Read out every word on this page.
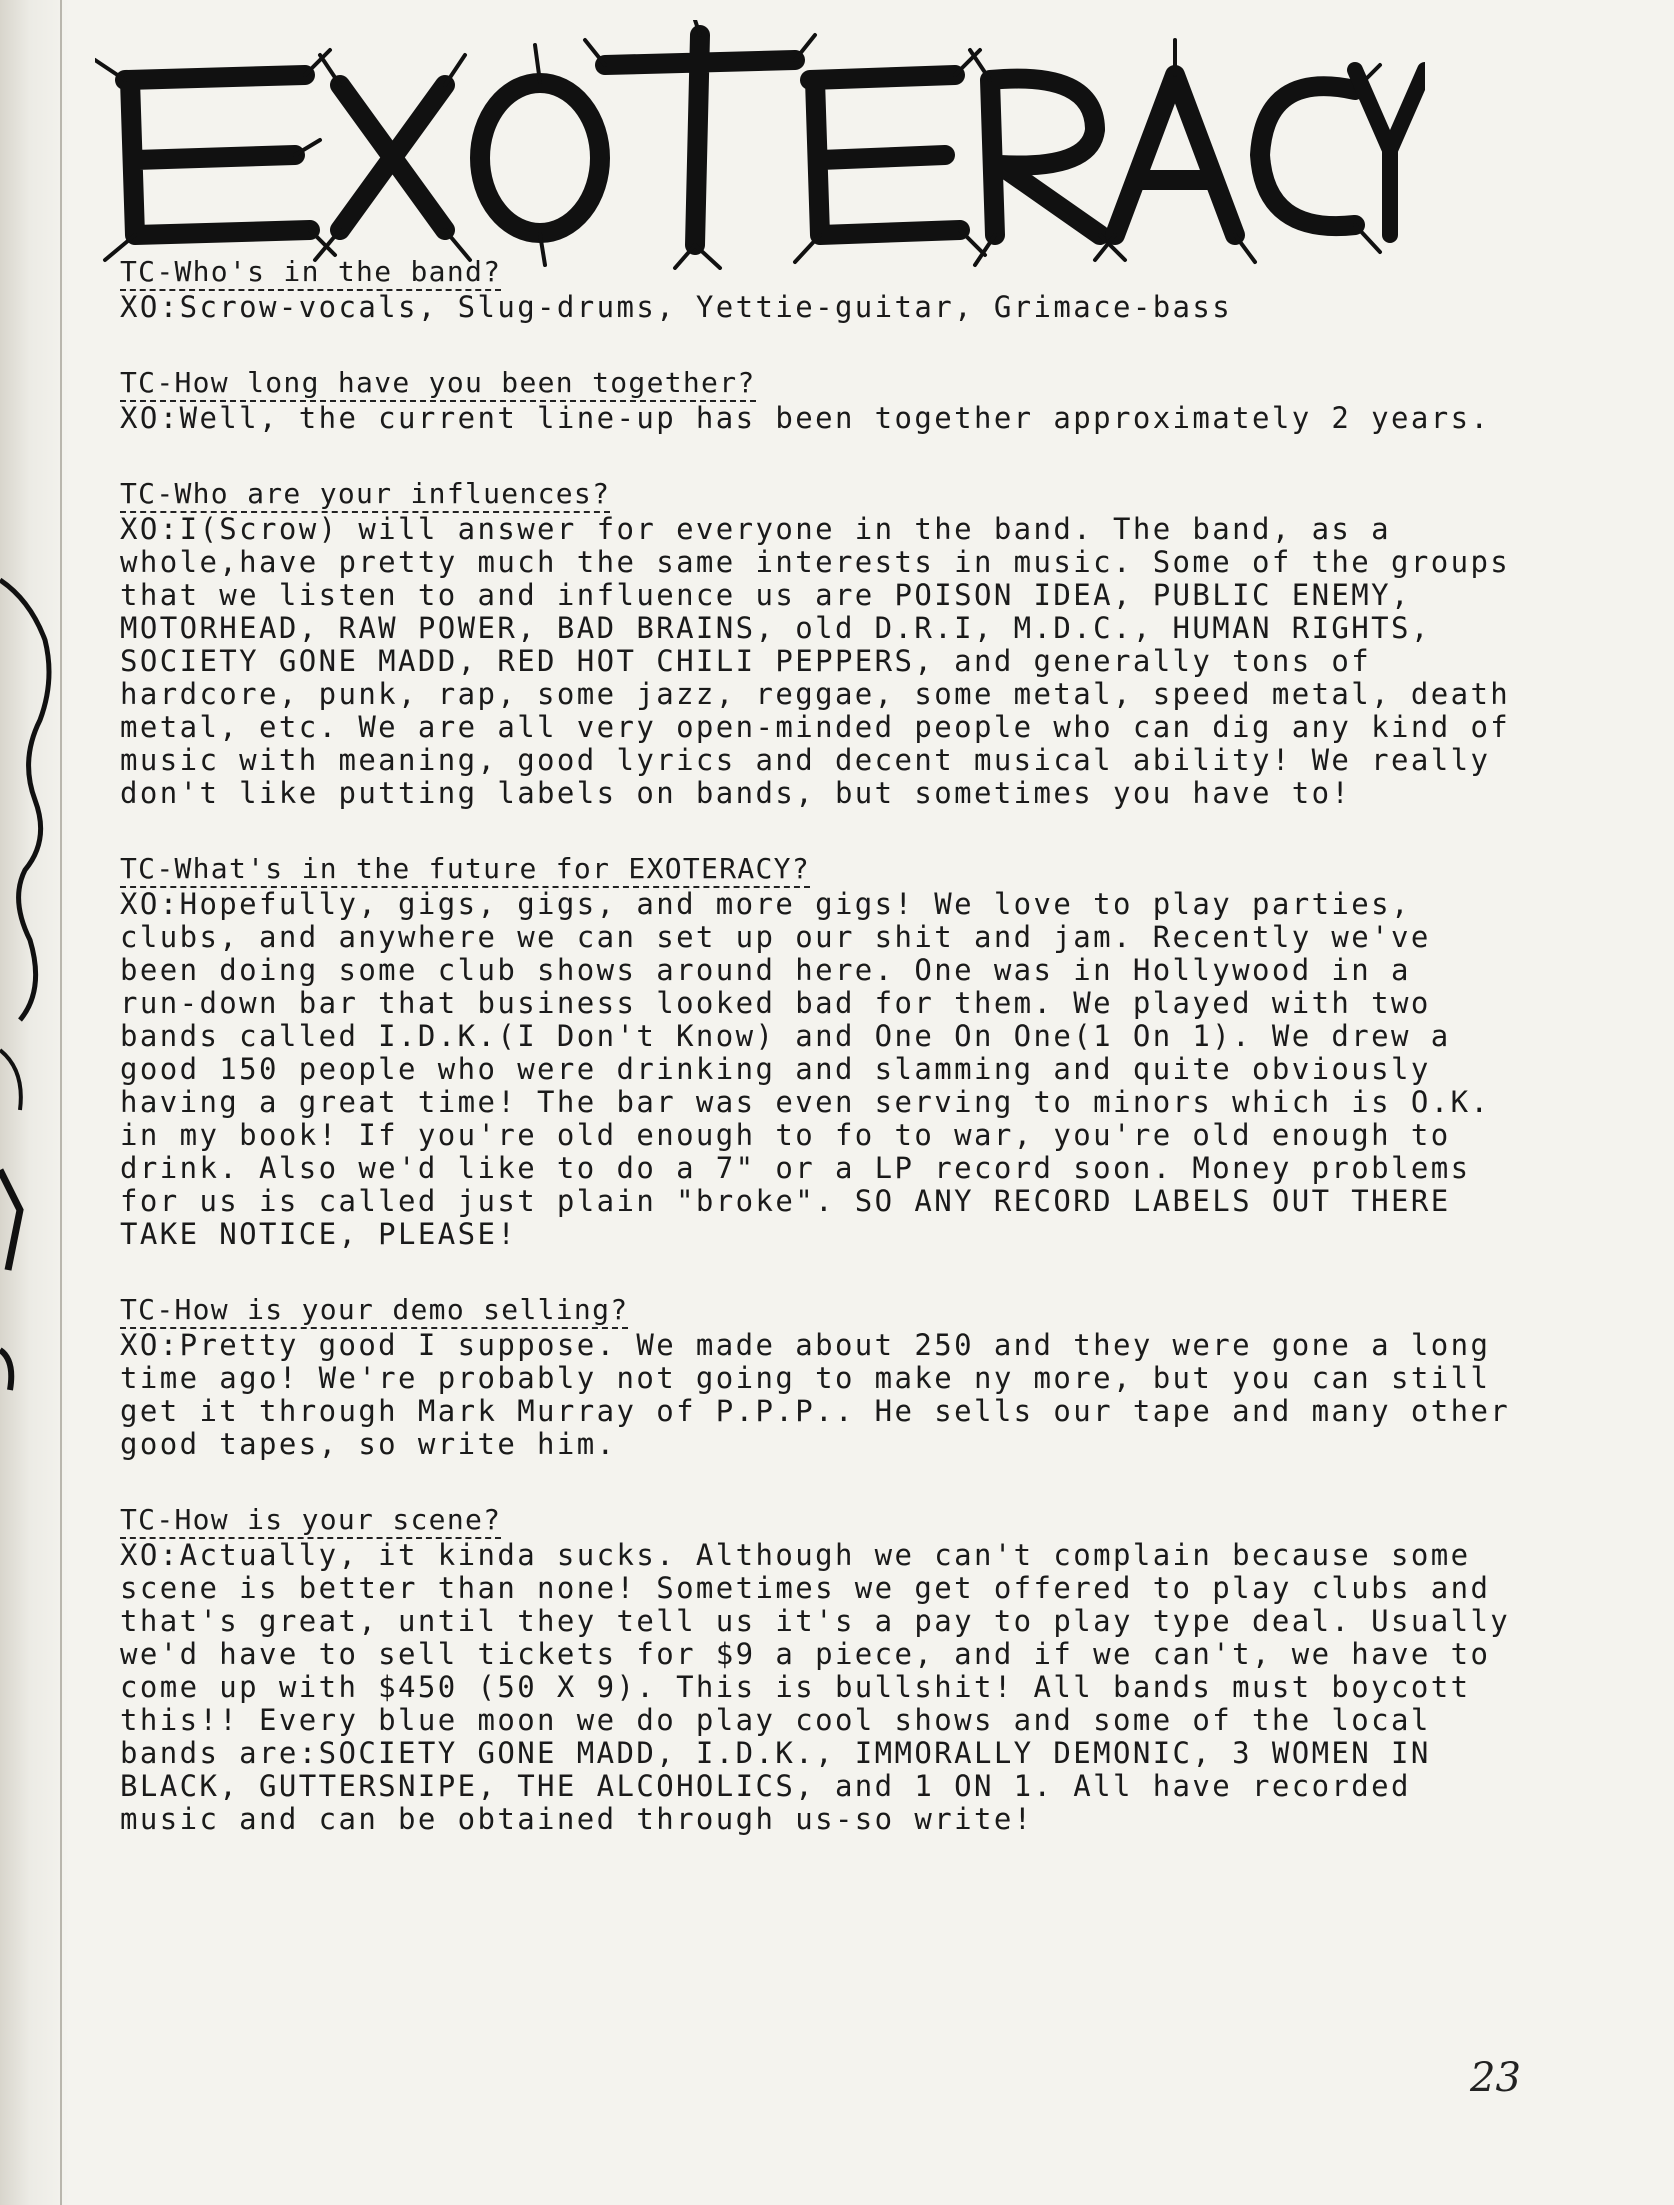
TC-Who's in the band?
XO:Scrow-vocals, Slug-drums, Yettie-guitar, Grimace-bass
TC-How long have you been together?
XO:Well, the current line-up has been together approximately 2 years.
TC-Who are your influences?
XO:I(Scrow) will answer for everyone in the band. The band, as a
whole,have pretty much the same interests in music. Some of the groups
that we listen to and influence us are POISON IDEA, PUBLIC ENEMY,
MOTORHEAD, RAW POWER, BAD BRAINS, old D.R.I, M.D.C., HUMAN RIGHTS,
SOCIETY GONE MADD, RED HOT CHILI PEPPERS, and generally tons of
hardcore, punk, rap, some jazz, reggae, some metal, speed metal, death
metal, etc. We are all very open-minded people who can dig any kind of
music with meaning, good lyrics and decent musical ability! We really
don't like putting labels on bands, but sometimes you have to!
TC-What's in the future for EXOTERACY?
XO:Hopefully, gigs, gigs, and more gigs! We love to play parties,
clubs, and anywhere we can set up our shit and jam. Recently we've
been doing some club shows around here. One was in Hollywood in a
run-down bar that business looked bad for them. We played with two
bands called I.D.K.(I Don't Know) and One On One(1 On 1). We drew a
good 150 people who were drinking and slamming and quite obviously
having a great time! The bar was even serving to minors which is O.K.
in my book! If you're old enough to fo to war, you're old enough to
drink. Also we'd like to do a 7" or a LP record soon. Money problems
for us is called just plain "broke". SO ANY RECORD LABELS OUT THERE
TAKE NOTICE, PLEASE!
TC-How is your demo selling?
XO:Pretty good I suppose. We made about 250 and they were gone a long
time ago! We're probably not going to make ny more, but you can still
get it through Mark Murray of P.P.P.. He sells our tape and many other
good tapes, so write him.
TC-How is your scene?
XO:Actually, it kinda sucks. Although we can't complain because some
scene is better than none! Sometimes we get offered to play clubs and
that's great, until they tell us it's a pay to play type deal. Usually
we'd have to sell tickets for $9 a piece, and if we can't, we have to
come up with $450 (50 X 9). This is bullshit! All bands must boycott
this!! Every blue moon we do play cool shows and some of the local
bands are:SOCIETY GONE MADD, I.D.K., IMMORALLY DEMONIC, 3 WOMEN IN
BLACK, GUTTERSNIPE, THE ALCOHOLICS, and 1 ON 1. All have recorded
music and can be obtained through us-so write!
23
